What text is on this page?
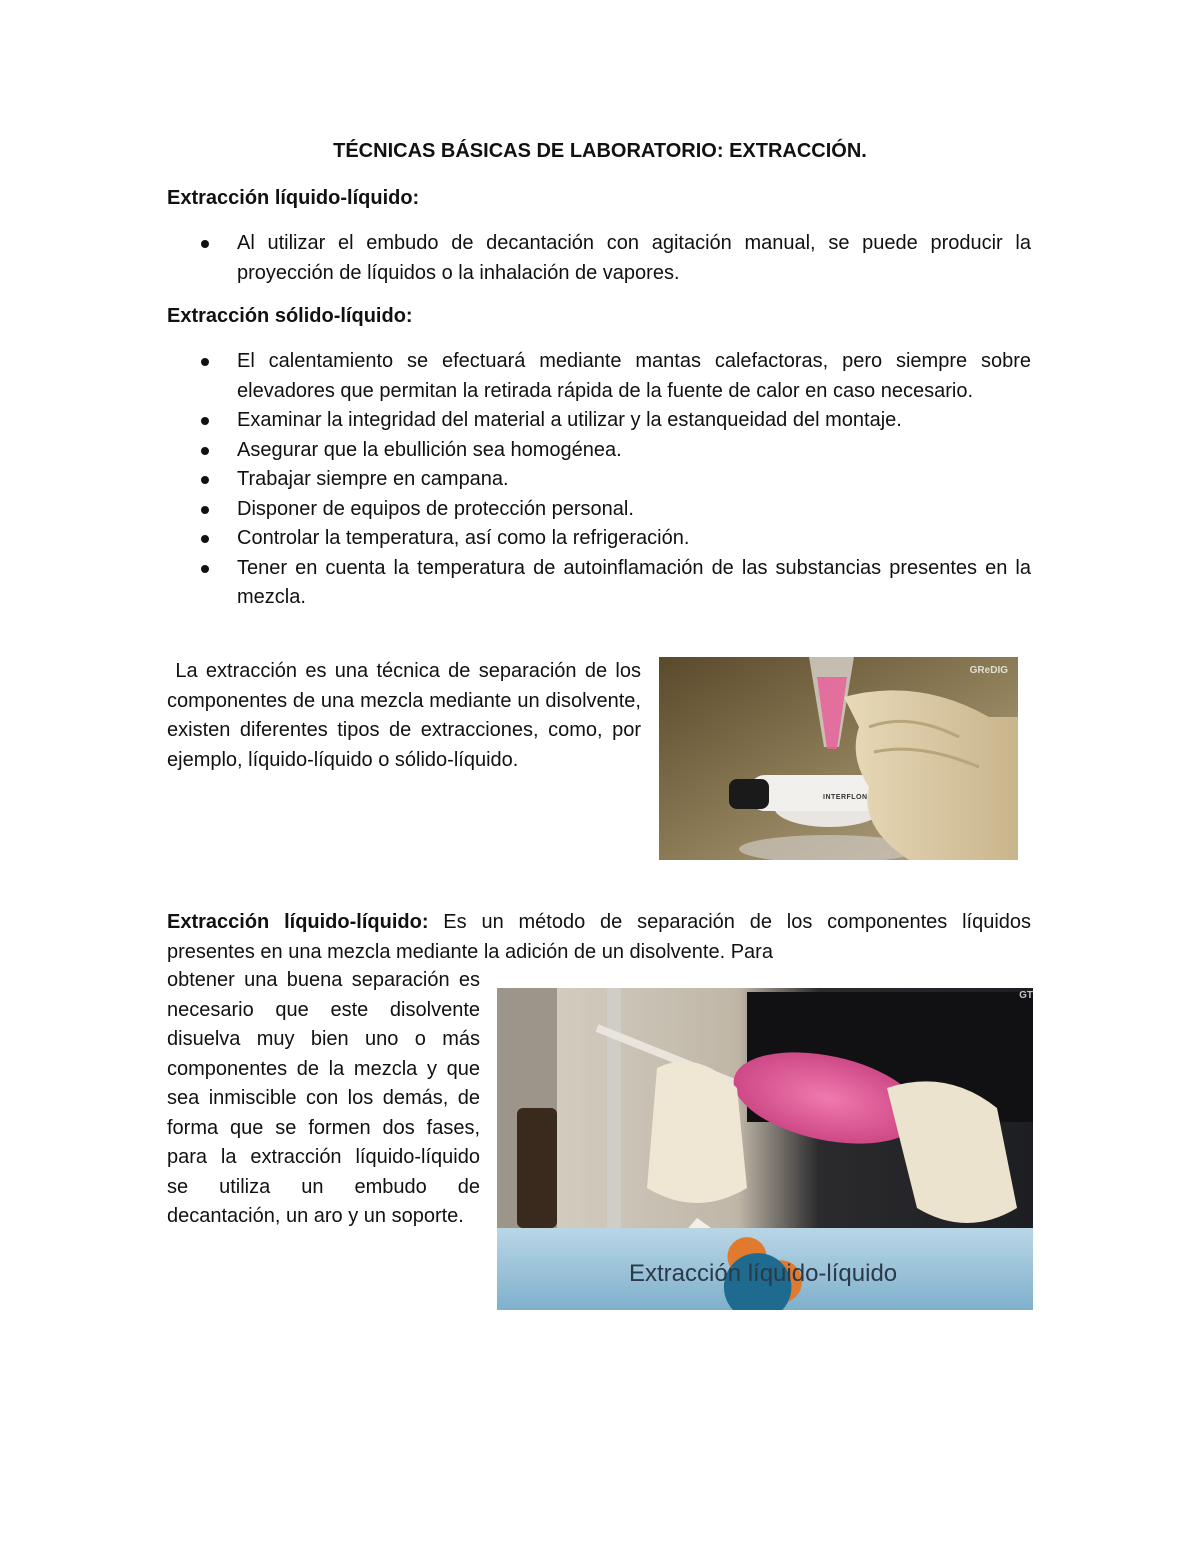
TÉCNICAS BÁSICAS DE LABORATORIO: EXTRACCIÓN.
Extracción líquido-líquido:
Al utilizar el embudo de decantación con agitación manual, se puede producir la proyección de líquidos o la inhalación de vapores.
Extracción sólido-líquido:
El calentamiento se efectuará mediante mantas calefactoras, pero siempre sobre elevadores que permitan la retirada rápida de la fuente de calor en caso necesario.
Examinar la integridad del material a utilizar y la estanqueidad del montaje.
Asegurar que la ebullición sea homogénea.
Trabajar siempre en campana.
Disponer de equipos de protección personal.
Controlar la temperatura, así como la refrigeración.
Tener en cuenta la temperatura de autoinflamación de las substancias presentes en la mezcla.
La extracción es una técnica de separación de los componentes de una mezcla mediante un disolvente, existen diferentes tipos de extracciones, como, por ejemplo, líquido-líquido o sólido-líquido.
INTERFLON
GReDIG
Extracción líquido-líquido: Es un método de separación de los componentes líquidos presentes en una mezcla mediante la adición de un disolvente. Para
obtener una buena separación es necesario que este disolvente disuelva muy bien uno o más componentes de la mezcla y que sea inmiscible con los demás, de forma que se formen dos fases, para la extracción líquido-líquido se utiliza un embudo de decantación, un aro y un soporte.
Extracción líquido-líquido
GT
